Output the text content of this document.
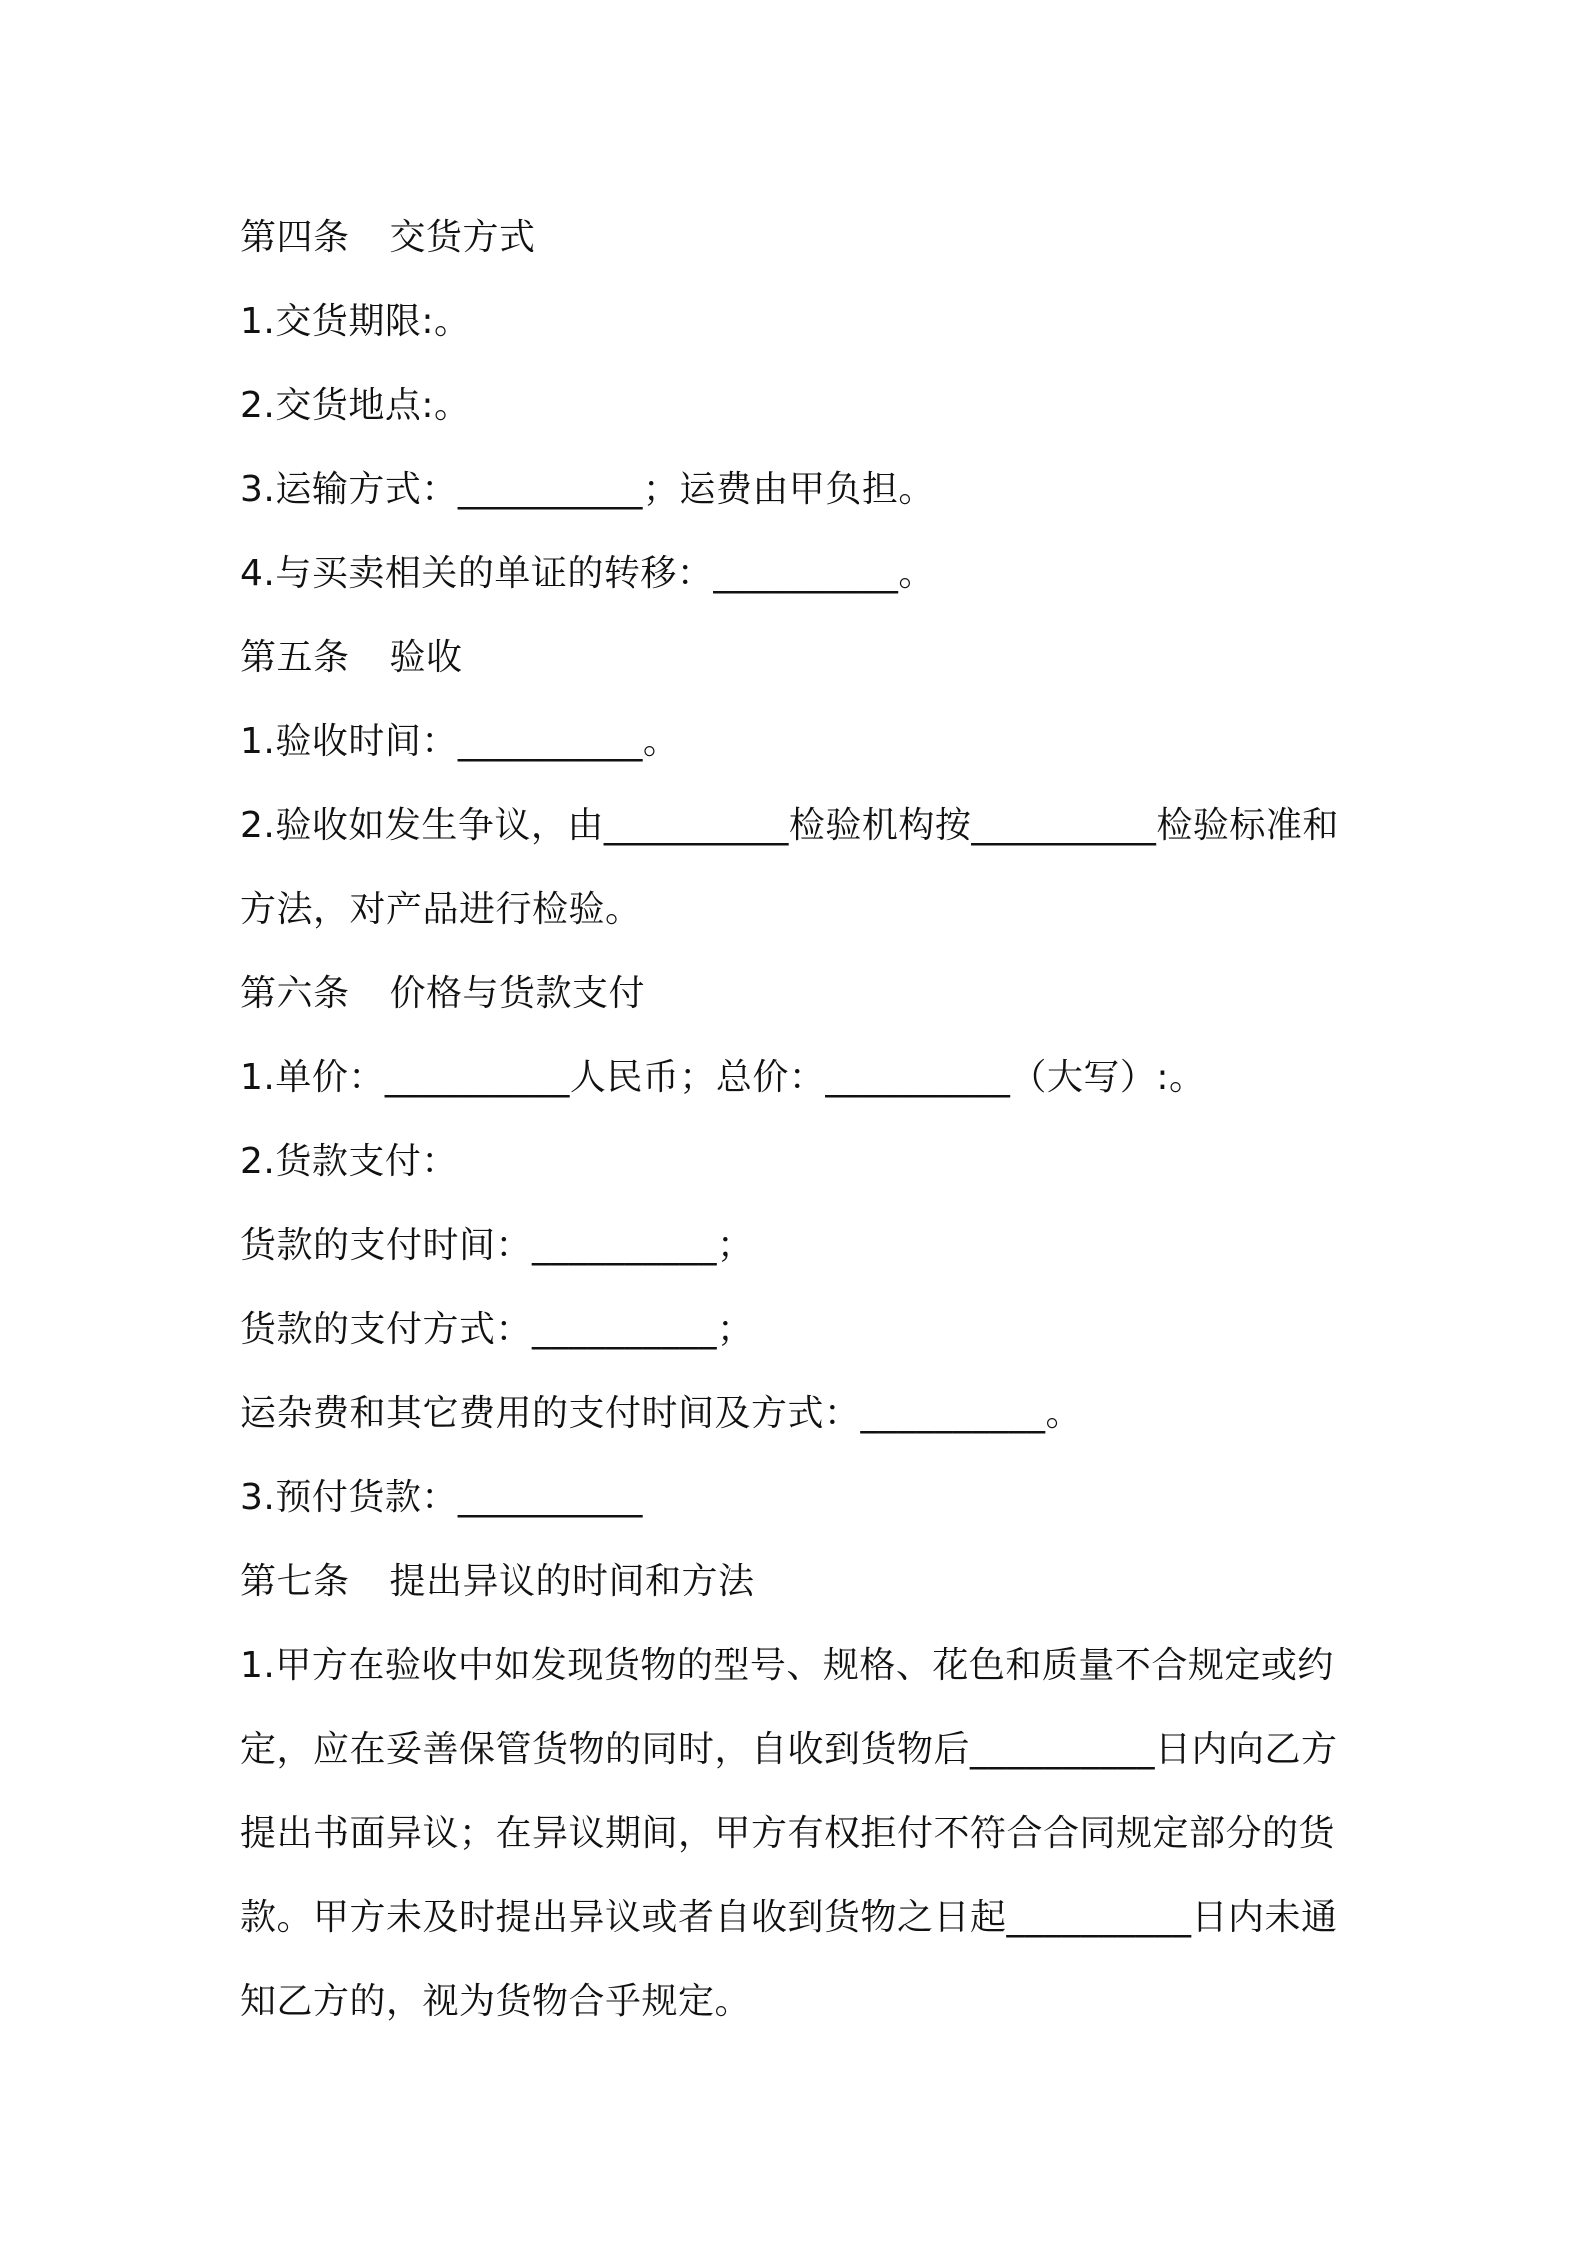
第四条 交货方式
1.交货期限:。
2.交货地点:。
3.运输方式：__________；运费由甲负担。
4.与买卖相关的单证的转移：__________。
第五条 验收
1.验收时间：__________。
2.验收如发生争议，由__________检验机构按__________检验标准和
方法，对产品进行检验。
第六条 价格与货款支付
1.单价：__________人民币；总价：__________（大写）:。
2.货款支付：
货款的支付时间：__________；
货款的支付方式：__________；
运杂费和其它费用的支付时间及方式：__________。
3.预付货款：__________
第七条 提出异议的时间和方法
1.甲方在验收中如发现货物的型号、规格、花色和质量不合规定或约
定，应在妥善保管货物的同时，自收到货物后__________日内向乙方
提出书面异议；在异议期间，甲方有权拒付不符合合同规定部分的货
款。甲方未及时提出异议或者自收到货物之日起__________日内未通
知乙方的，视为货物合乎规定。
